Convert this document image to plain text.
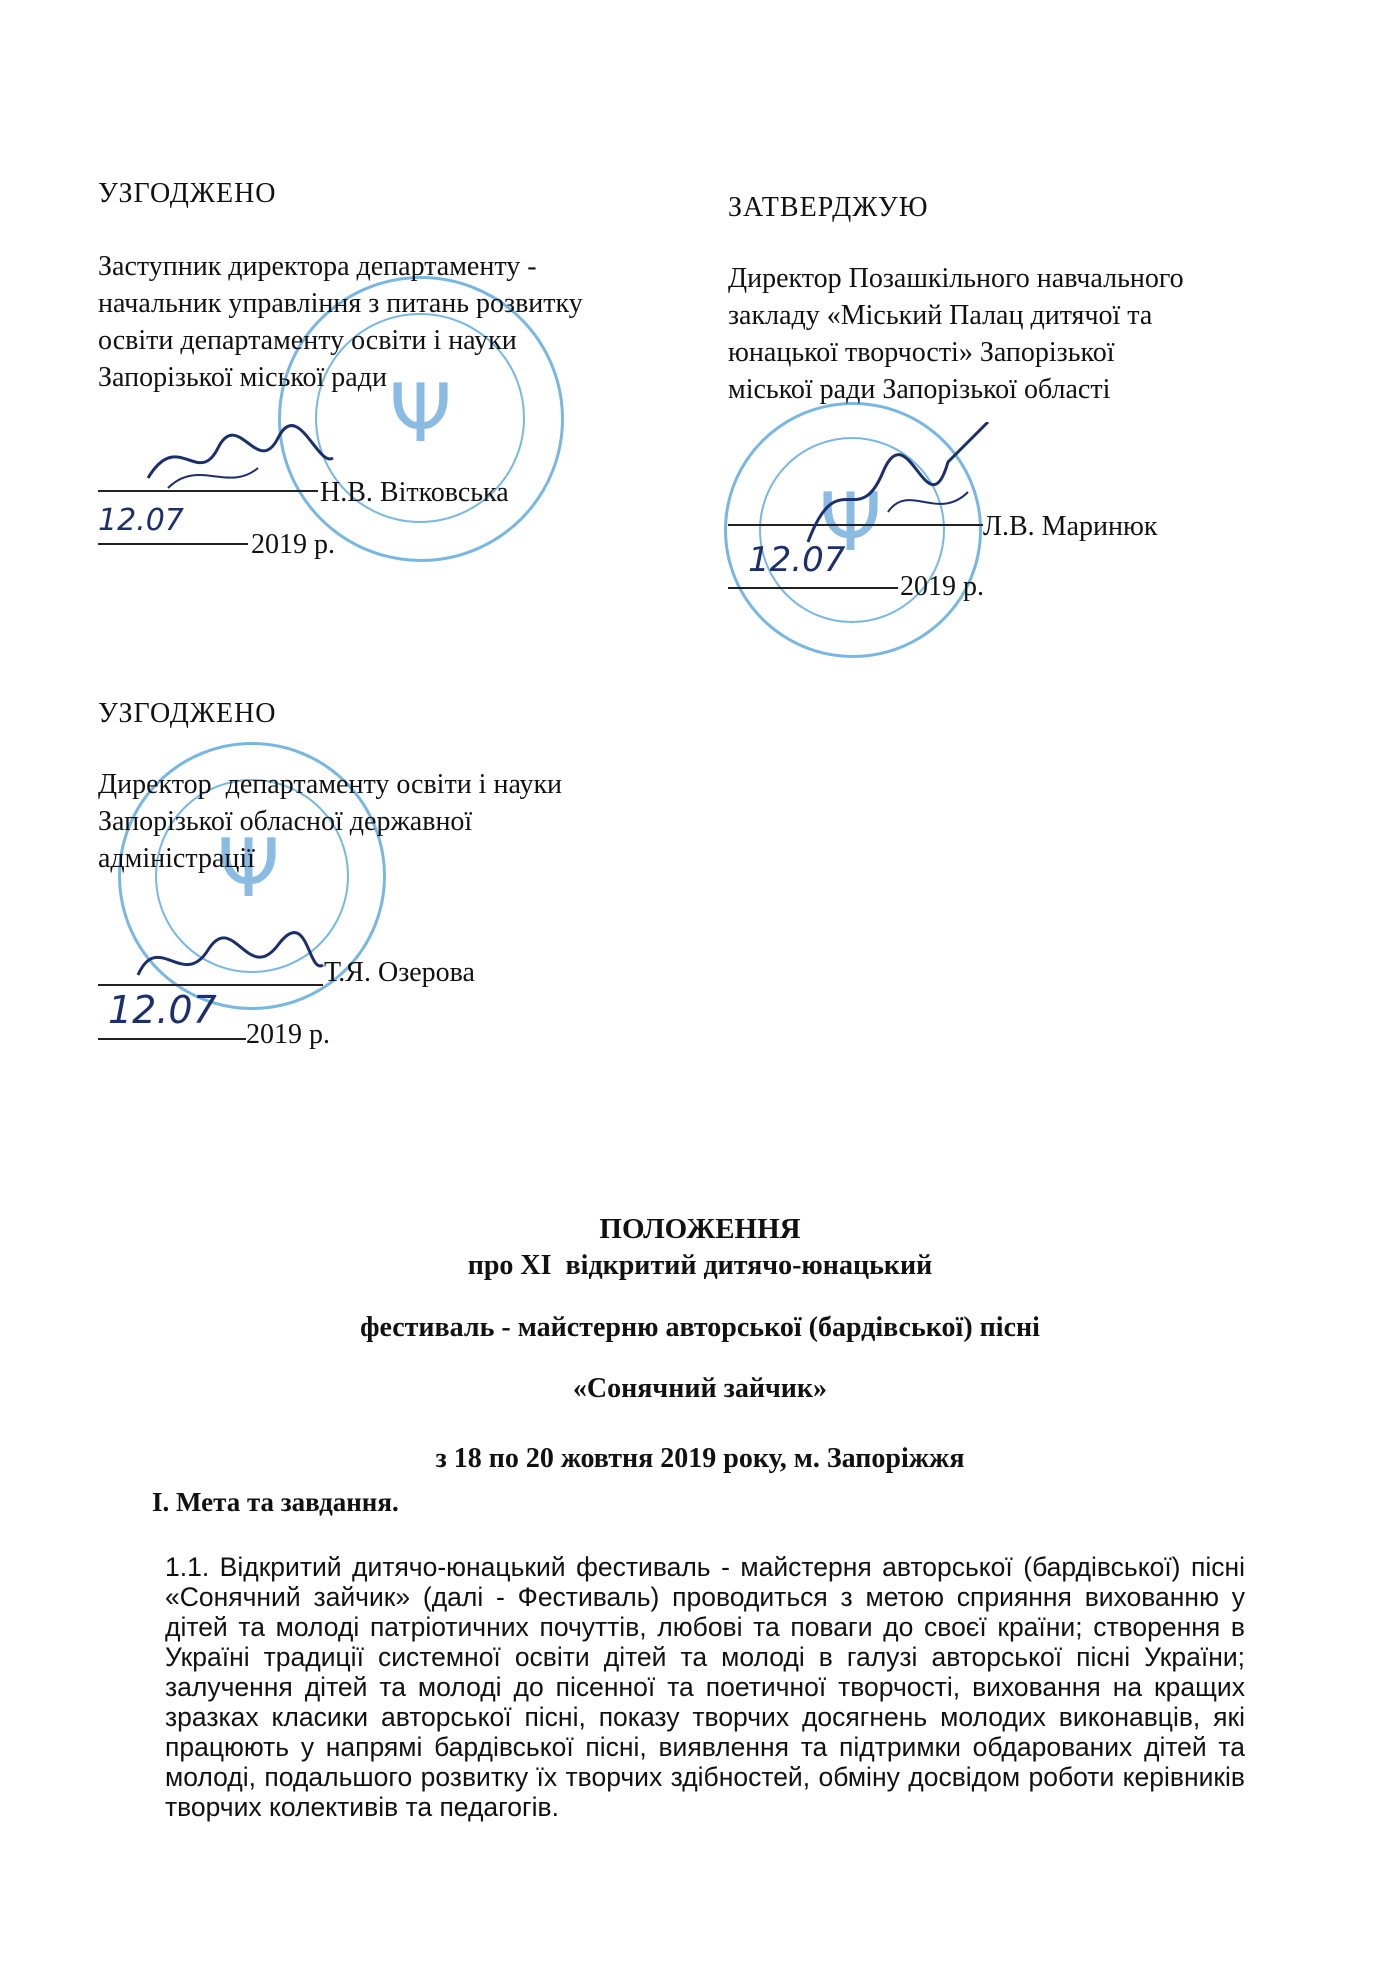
Ψ
УЗГОДЖЕНО
Заступник директора департаменту -
начальник управління з питань розвитку
освіти департаменту освіти і науки
Запорізької міської ради
Н.В. Вітковська
12.07
2019 р.	Ψ
ЗАТВЕРДЖУЮ
Директор Позашкільного навчального
закладу «Міський Палац дитячої та
юнацької творчості» Запорізької
міської ради Запорізької області
Л.В. Маринюк
12.07
2019 р.
Ψ
УЗГОДЖЕНО
Директор  департаменту освіти і науки
Запорізької обласної державної
адміністрації
Т.Я. Озерова
12.07
2019 р.
ПОЛОЖЕННЯ
про XI  відкритий дитячо-юнацький
фестиваль - майстерню авторської (бардівської) пісні
«Сонячний зайчик»
з 18 по 20 жовтня 2019 року, м. Запоріжжя
І. Мета та завдання.
1.1. Відкритий дитячо-юнацький фестиваль - майстерня авторської (бардівської) пісні «Сонячний зайчик» (далі - Фестиваль) проводиться з метою сприяння вихованню у дітей та молоді патріотичних почуттів, любові та поваги до своєї країни; створення в Україні традиції системної освіти дітей та молоді в галузі авторської пісні України; залучення дітей та молоді до пісенної та поетичної творчості, виховання на кращих зразках класики авторської пісні, показу творчих досягнень молодих виконавців, які працюють у напрямі бардівської пісні, виявлення та підтримки обдарованих дітей та молоді, подальшого розвитку їх творчих здібностей, обміну досвідом роботи керівників творчих колективів та педагогів.
